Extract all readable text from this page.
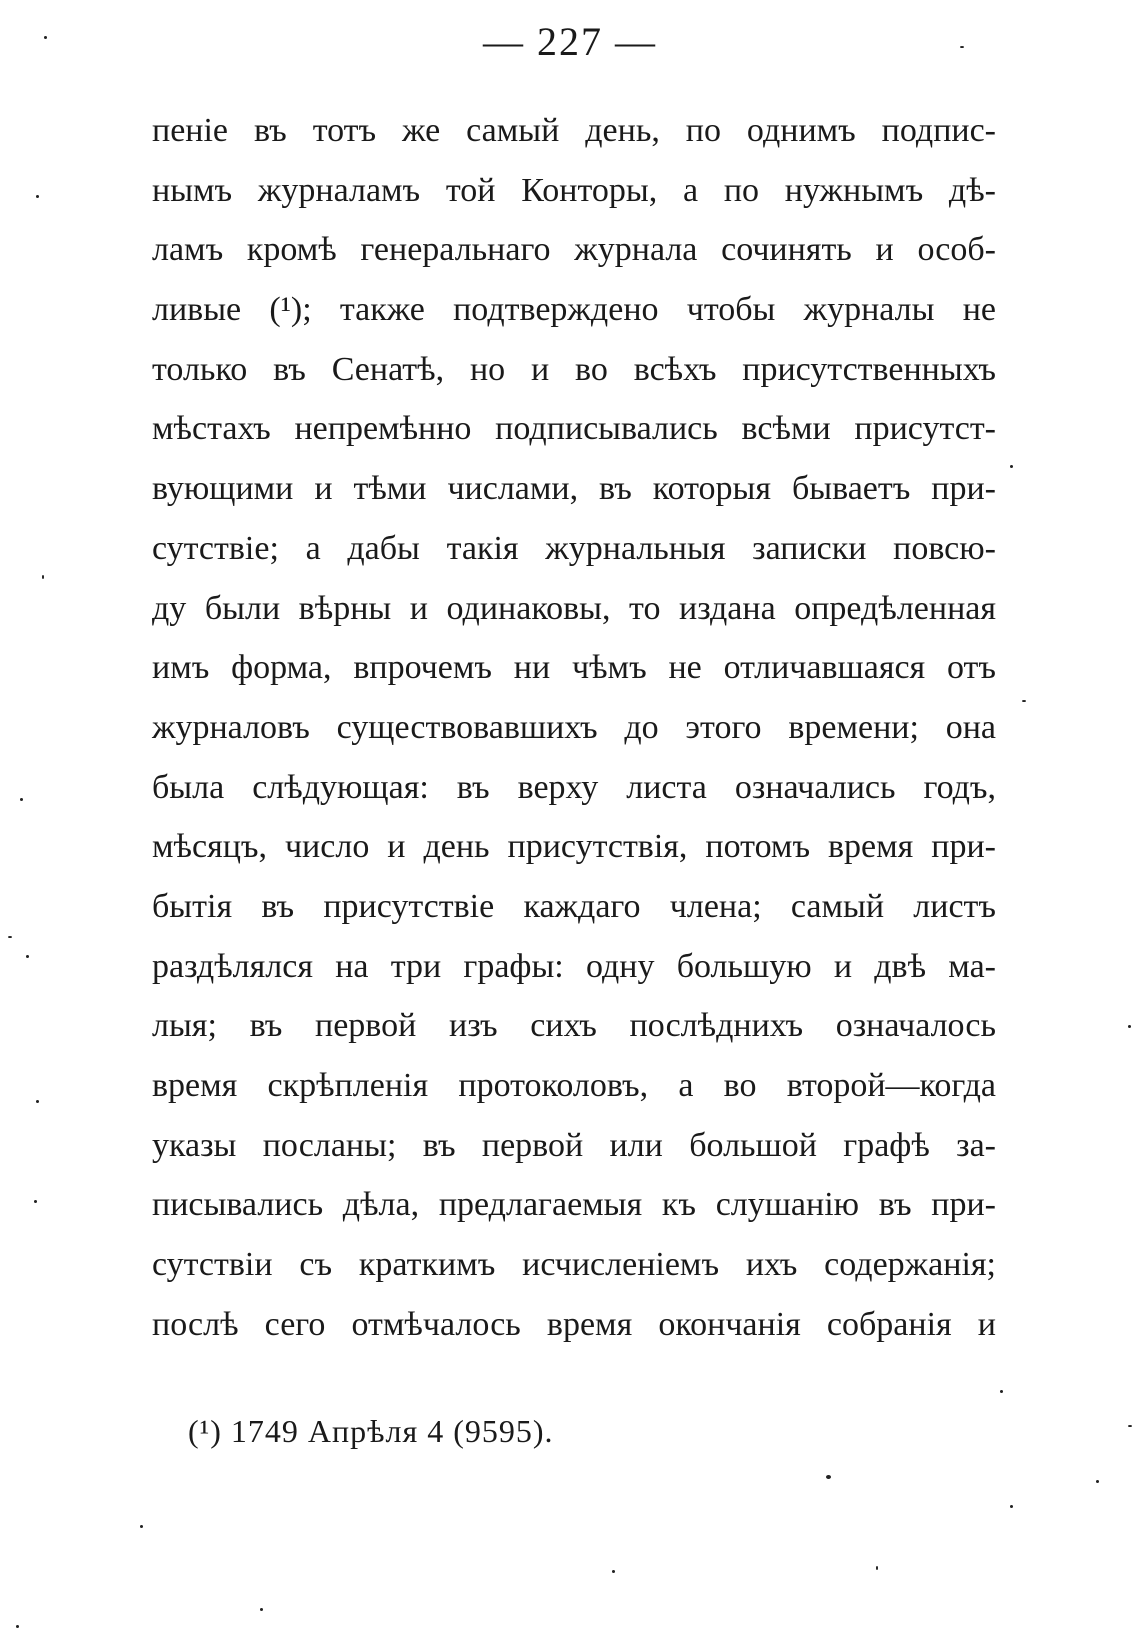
— 227 —
пеніе въ тотъ же самый день, по однимъ подпис-
нымъ журналамъ той Конторы, а по нужнымъ дѣ-
ламъ кромѣ генеральнаго журнала сочинять и особ-
ливые (¹); также подтверждено чтобы журналы не
только въ Сенатѣ, но и во всѣхъ присутственныхъ
мѣстахъ непремѣнно подписывались всѣми присутст-
вующими и тѣми числами, въ которыя бываетъ при-
сутствіе; а дабы такія журнальныя записки повсю-
ду были вѣрны и одинаковы, то издана опредѣленная
имъ форма, впрочемъ ни чѣмъ не отличавшаяся отъ
журналовъ существовавшихъ до этого времени; она
была слѣдующая: въ верху листа означались годъ,
мѣсяцъ, число и день присутствія, потомъ время при-
бытія въ присутствіе каждаго члена; самый листъ
раздѣлялся на три графы: одну большую и двѣ ма-
лыя; въ первой изъ сихъ послѣднихъ означалось
время скрѣпленія протоколовъ, а во второй—когда
указы посланы; въ первой или большой графѣ за-
писывались дѣла, предлагаемыя къ слушанію въ при-
сутствіи съ краткимъ исчисленіемъ ихъ содержанія;
послѣ сего отмѣчалось время окончанія собранія и
(¹) 1749 Апрѣля 4 (9595).
